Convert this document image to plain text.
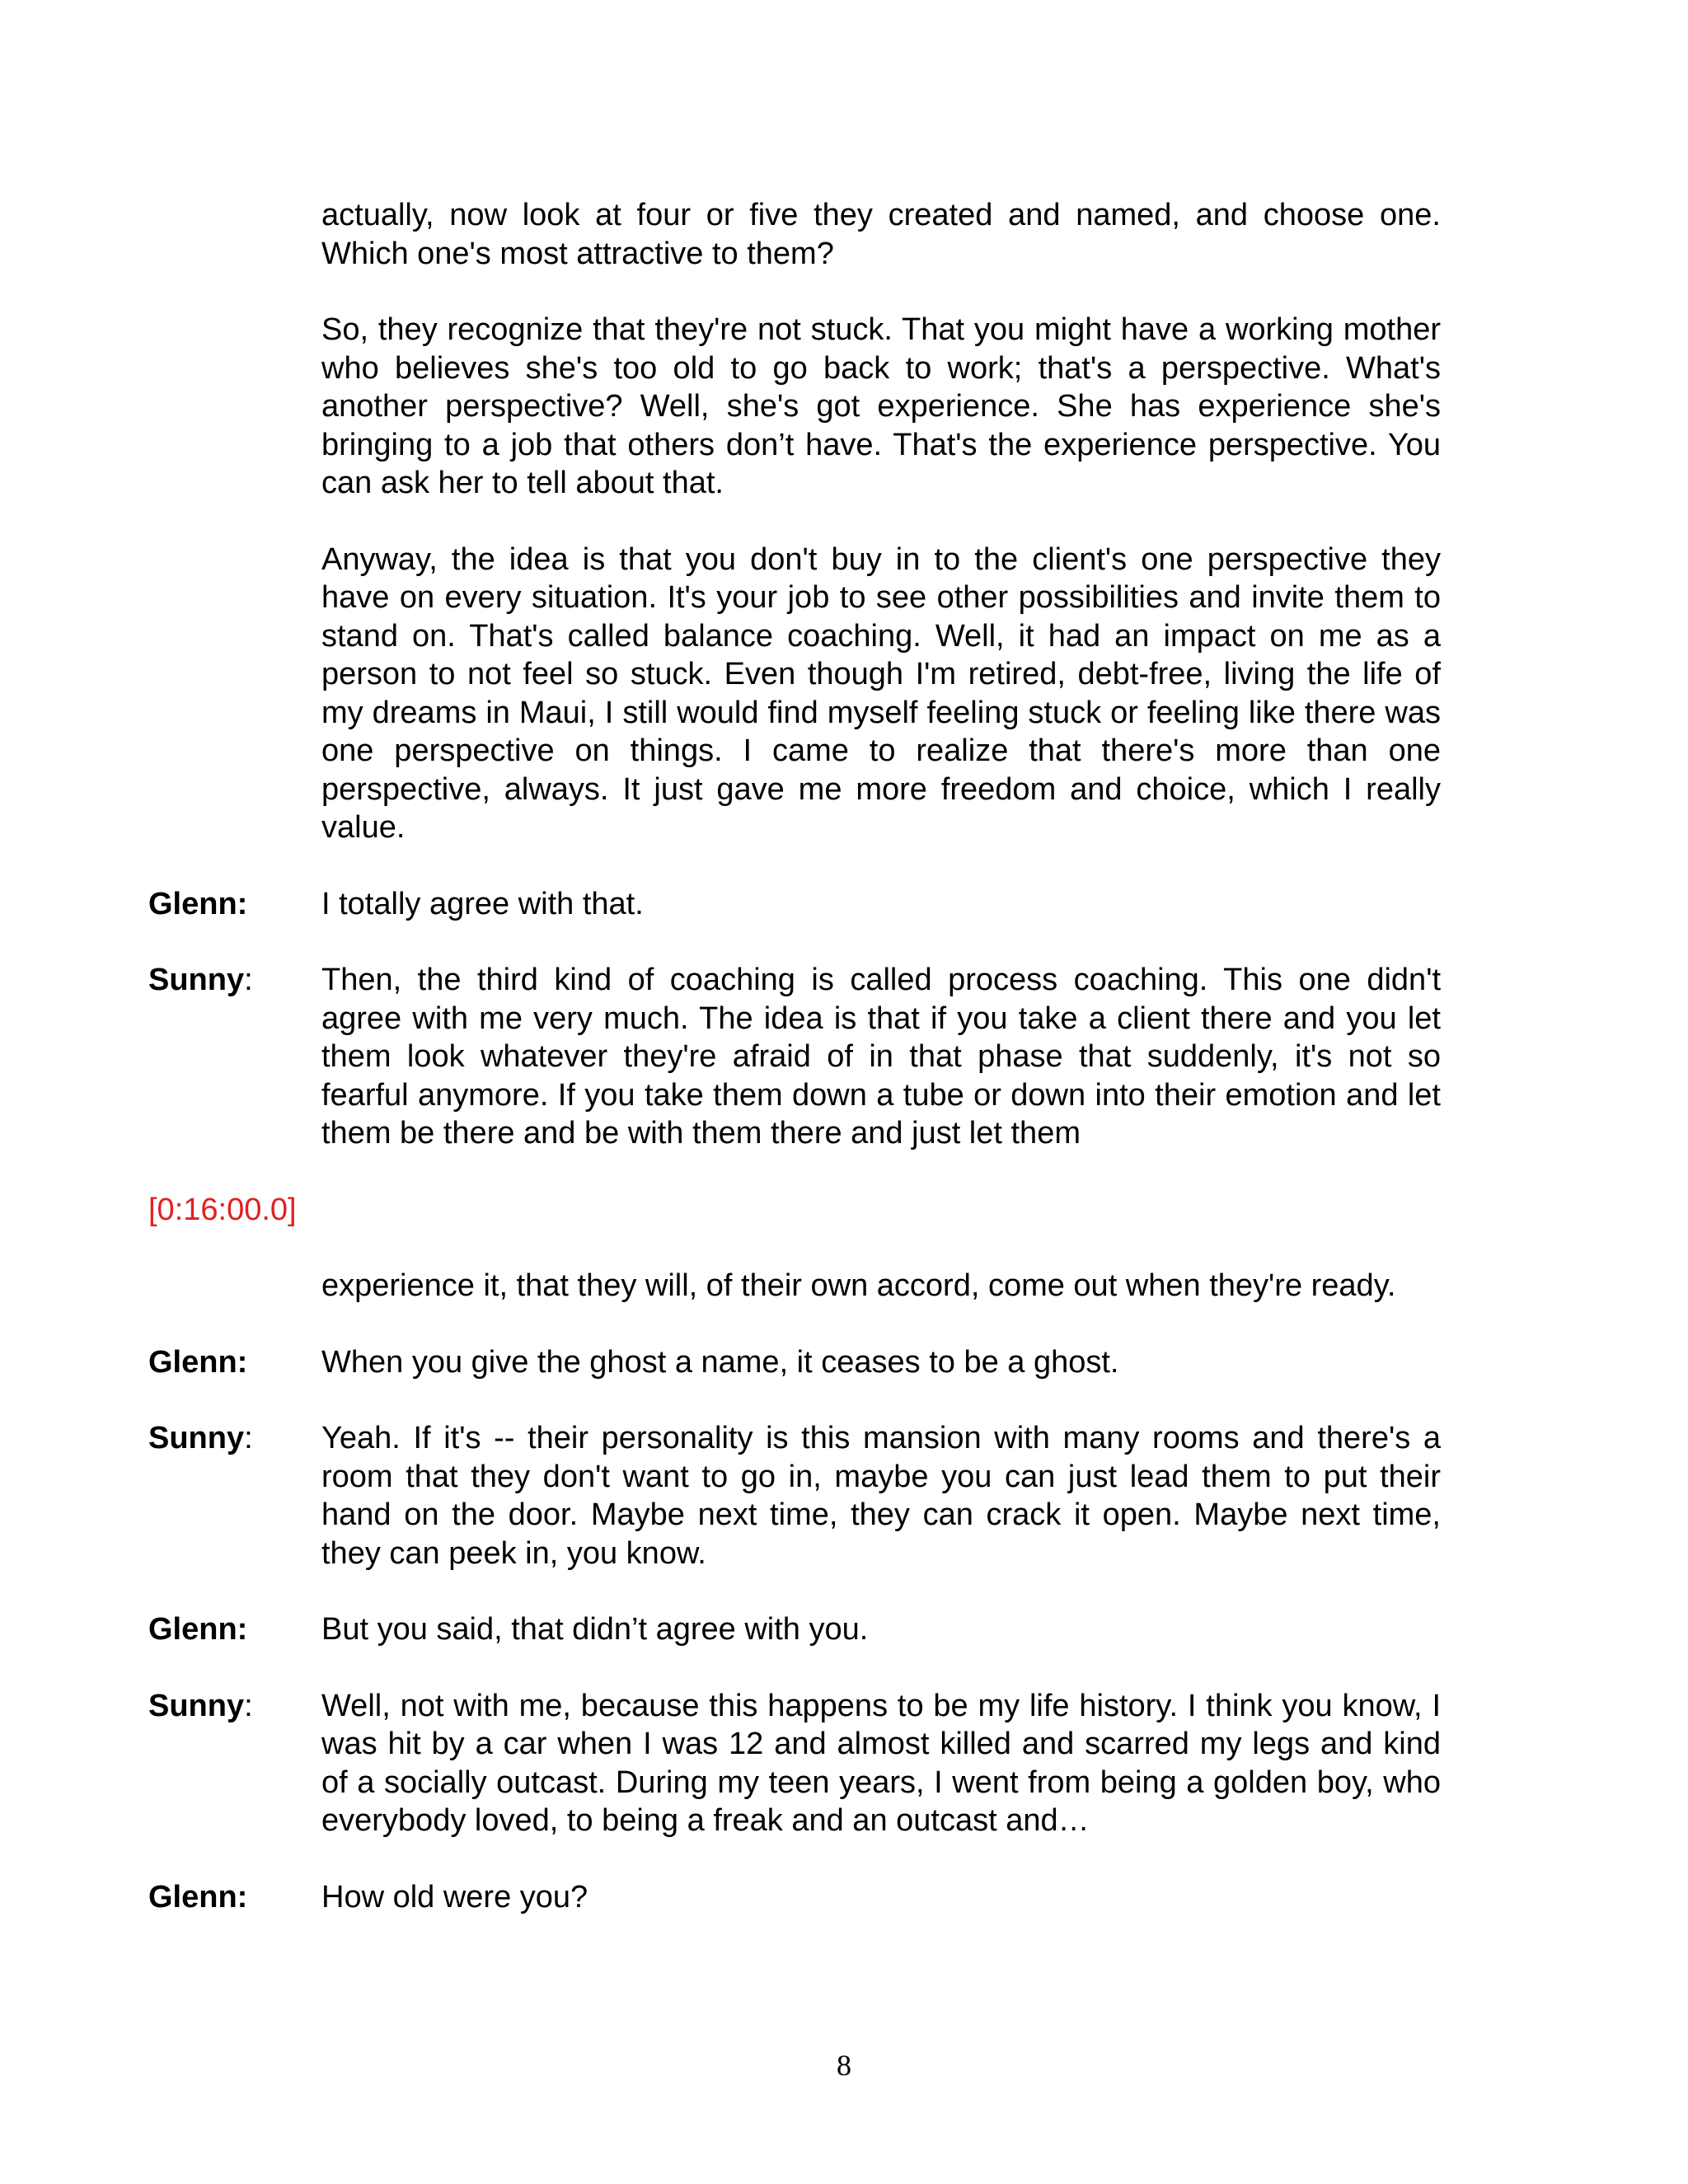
actually, now look at four or five they created and named, and choose one. Which one's most attractive to them?
So, they recognize that they're not stuck. That you might have a working mother who believes she's too old to go back to work; that's a perspective. What's another perspective? Well, she's got experience. She has experience she's bringing to a job that others don’t have. That's the experience perspective. You can ask her to tell about that.
Anyway, the idea is that you don't buy in to the client's one perspective they have on every situation. It's your job to see other possibilities and invite them to stand on. That's called balance coaching. Well, it had an impact on me as a person to not feel so stuck. Even though I'm retired, debt-free, living the life of my dreams in Maui, I still would find myself feeling stuck or feeling like there was one perspective on things. I came to realize that there's more than one perspective, always. It just gave me more freedom and choice, which I really value.
Glenn:	I totally agree with that.
Sunny:	Then, the third kind of coaching is called process coaching. This one didn't agree with me very much. The idea is that if you take a client there and you let them look whatever they're afraid of in that phase that suddenly, it's not so fearful anymore. If you take them down a tube or down into their emotion and let them be there and be with them there and just let them
[0:16:00.0]
experience it, that they will, of their own accord, come out when they're ready.
Glenn:	When you give the ghost a name, it ceases to be a ghost.
Sunny:	Yeah. If it's -- their personality is this mansion with many rooms and there's a room that they don't want to go in, maybe you can just lead them to put their hand on the door. Maybe next time, they can crack it open. Maybe next time, they can peek in, you know.
Glenn:	But you said, that didn’t agree with you.
Sunny:	Well, not with me, because this happens to be my life history. I think you know, I was hit by a car when I was 12 and almost killed and scarred my legs and kind of a socially outcast. During my teen years, I went from being a golden boy, who everybody loved, to being a freak and an outcast and…
Glenn:	How old were you?
8
